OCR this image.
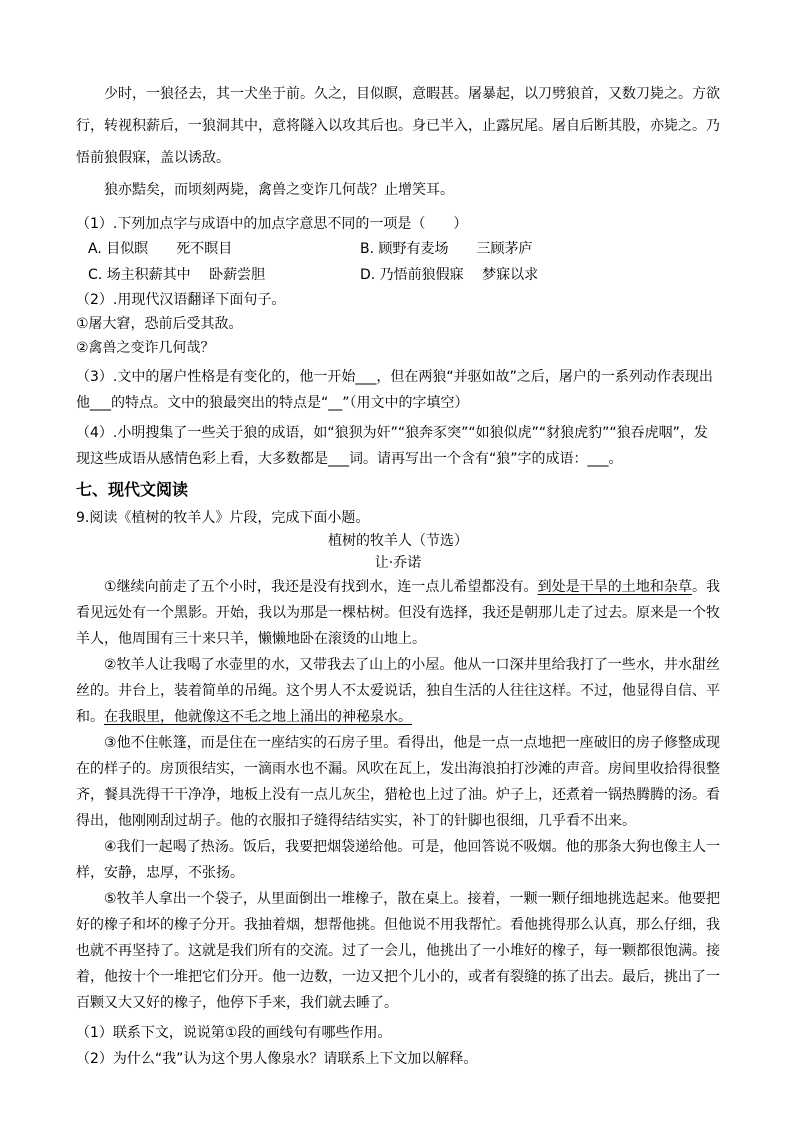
少时，一狼径去，其一犬坐于前。久之，目似瞑，意暇甚。屠暴起，以刀劈狼首，又数刀毙之。方欲行，转视积薪后，一狼洞其中，意将隧入以攻其后也。身已半入，止露尻尾。屠自后断其股，亦毙之。乃悟前狼假寐，盖以诱敌。

狼亦黠矣，而顷刻两毙，禽兽之变诈几何哉？止增笑耳。

（1）.下列加点字与成语中的加点字意思不同的一项是（　　）

A. 目似瞑　　死不瞑目	B. 顾野有麦场　　三顾茅庐
C. 场主积薪其中　 卧薪尝胆	D. 乃悟前狼假寐　 梦寐以求

（2）.用现代汉语翻译下面句子。

①屠大窘，恐前后受其敌。

②禽兽之变诈几何哉？

（3）.文中的屠户性格是有变化的，他一开始___，但在两狼“并驱如故”之后，屠户的一系列动作表现出他___的特点。文中的狼最突出的特点是“__”（用文中的字填空）

（4）.小明搜集了一些关于狼的成语，如“狼狈为奸”“狼奔豕突”“如狼似虎”“豺狼虎豹”“狼吞虎咽”，发现这些成语从感情色彩上看，大多数都是___词。请再写出一个含有“狼”字的成语：___。

七、现代文阅读

9.阅读《植树的牧羊人》片段，完成下面小题。

植树的牧羊人（节选）

让·乔诺

①继续向前走了五个小时，我还是没有找到水，连一点儿希望都没有。到处是干旱的土地和杂草。我看见远处有一个黑影。开始，我以为那是一棵枯树。但没有选择，我还是朝那儿走了过去。原来是一个牧羊人，他周围有三十来只羊，懒懒地卧在滚烫的山地上。

②牧羊人让我喝了水壶里的水，又带我去了山上的小屋。他从一口深井里给我打了一些水，井水甜丝丝的。井台上，装着简单的吊绳。这个男人不太爱说话，独自生活的人往往这样。不过，他显得自信、平和。在我眼里，他就像这不毛之地上涌出的神秘泉水。

③他不住帐篷，而是住在一座结实的石房子里。看得出，他是一点一点地把一座破旧的房子修整成现在的样子的。房顶很结实，一滴雨水也不漏。风吹在瓦上，发出海浪拍打沙滩的声音。房间里收拾得很整齐，餐具洗得干干净净，地板上没有一点儿灰尘，猎枪也上过了油。炉子上，还煮着一锅热腾腾的汤。看得出，他刚刚刮过胡子。他的衣服扣子缝得结结实实，补丁的针脚也很细，几乎看不出来。

④我们一起喝了热汤。饭后，我要把烟袋递给他。可是，他回答说不吸烟。他的那条大狗也像主人一样，安静，忠厚，不张扬。

⑤牧羊人拿出一个袋子，从里面倒出一堆橡子，散在桌上。接着，一颗一颗仔细地挑选起来。他要把好的橡子和坏的橡子分开。我抽着烟，想帮他挑。但他说不用我帮忙。看他挑得那么认真，那么仔细，我也就不再坚持了。这就是我们所有的交流。过了一会儿，他挑出了一小堆好的橡子，每一颗都很饱满。接着，他按十个一堆把它们分开。他一边数，一边又把个儿小的，或者有裂缝的拣了出去。最后，挑出了一百颗又大又好的橡子，他停下手来，我们就去睡了。

（1）联系下文，说说第①段的画线句有哪些作用。

（2）为什么“我”认为这个男人像泉水？请联系上下文加以解释。
